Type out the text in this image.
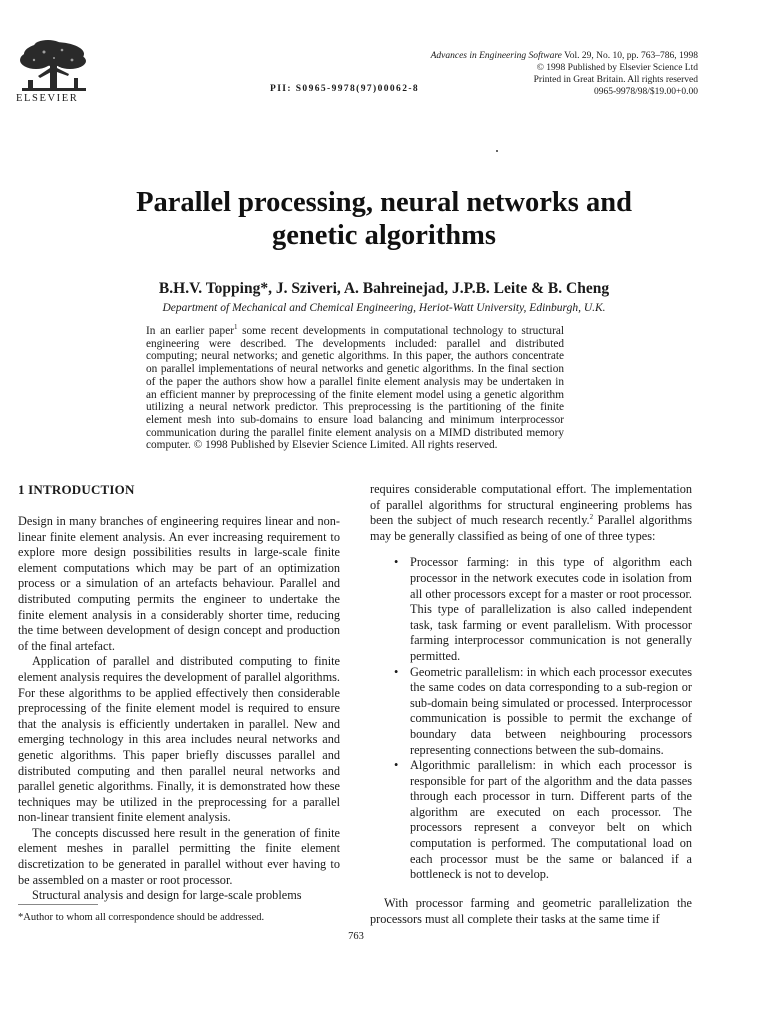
ELSEVIER
PII: S0965-9978(97)00062-8
Advances in Engineering Software Vol. 29, No. 10, pp. 763–786, 1998
© 1998 Published by Elsevier Science Ltd
Printed in Great Britain. All rights reserved
0965-9978/98/$19.00+0.00
Parallel processing, neural networks and
genetic algorithms
B.H.V. Topping*, J. Sziveri, A. Bahreinejad, J.P.B. Leite & B. Cheng
Department of Mechanical and Chemical Engineering, Heriot-Watt University, Edinburgh, U.K.
In an earlier paper$^1$ some recent developments in computational technology to structural engineering were described. The developments included: parallel and distributed computing; neural networks; and genetic algorithms. In this paper, the authors concentrate on parallel implementations of neural networks and genetic algorithms. In the final section of the paper the authors show how a parallel finite element analysis may be undertaken in an efficient manner by preprocessing of the finite element model using a genetic algorithm utilizing a neural network predictor. This preprocessing is the partitioning of the finite element mesh into sub-domains to ensure load balancing and minimum interprocessor communication during the parallel finite element analysis on a MIMD distributed memory computer. © 1998 Published by Elsevier Science Limited. All rights reserved.
1 INTRODUCTION

Design in many branches of engineering requires linear and non-linear finite element analysis. An ever increasing requirement to explore more design possibilities results in large-scale finite element computations which may be part of an optimization process or a simulation of an artefacts behaviour. Parallel and distributed computing permits the engineer to undertake the finite element analysis in a considerably shorter time, reducing the time between development of design concept and production of the final artefact.

Application of parallel and distributed computing to finite element analysis requires the development of parallel algorithms. For these algorithms to be applied effectively then considerable preprocessing of the finite element model is required to ensure that the analysis is efficiently undertaken in parallel. New and emerging technology in this area includes neural networks and genetic algorithms. This paper briefly discusses parallel and distributed computing and then parallel neural networks and parallel genetic algorithms. Finally, it is demonstrated how these techniques may be utilized in the preprocessing for a parallel non-linear transient finite element analysis.

The concepts discussed here result in the generation of finite element meshes in parallel permitting the finite element discretization to be generated in parallel without ever having to be assembled on a master or root processor.

Structural analysis and design for large-scale problems

*Author to whom all correspondence should be addressed.

requires considerable computational effort. The implementation of parallel algorithms for structural engineering problems has been the subject of much research recently.$^2$ Parallel algorithms may be generally classified as being of one of three types:

• Processor farming: in this type of algorithm each processor in the network executes code in isolation from all other processors except for a master or root processor. This type of parallelization is also called independent task, task farming or event parallelism. With processor farming interprocessor communication is not generally permitted.
• Geometric parallelism: in which each processor executes the same codes on data corresponding to a sub-region or sub-domain being simulated or processed. Interprocessor communication is possible to permit the exchange of boundary data between neighbouring processors representing connections between the sub-domains.
• Algorithmic parallelism: in which each processor is responsible for part of the algorithm and the data passes through each processor in turn. Different parts of the algorithm are executed on each processor. The processors represent a conveyor belt on which computation is performed. The computational load on each processor must be the same or balanced if a bottleneck is not to develop.

With processor farming and geometric parallelization the processors must all complete their tasks at the same time if

763
